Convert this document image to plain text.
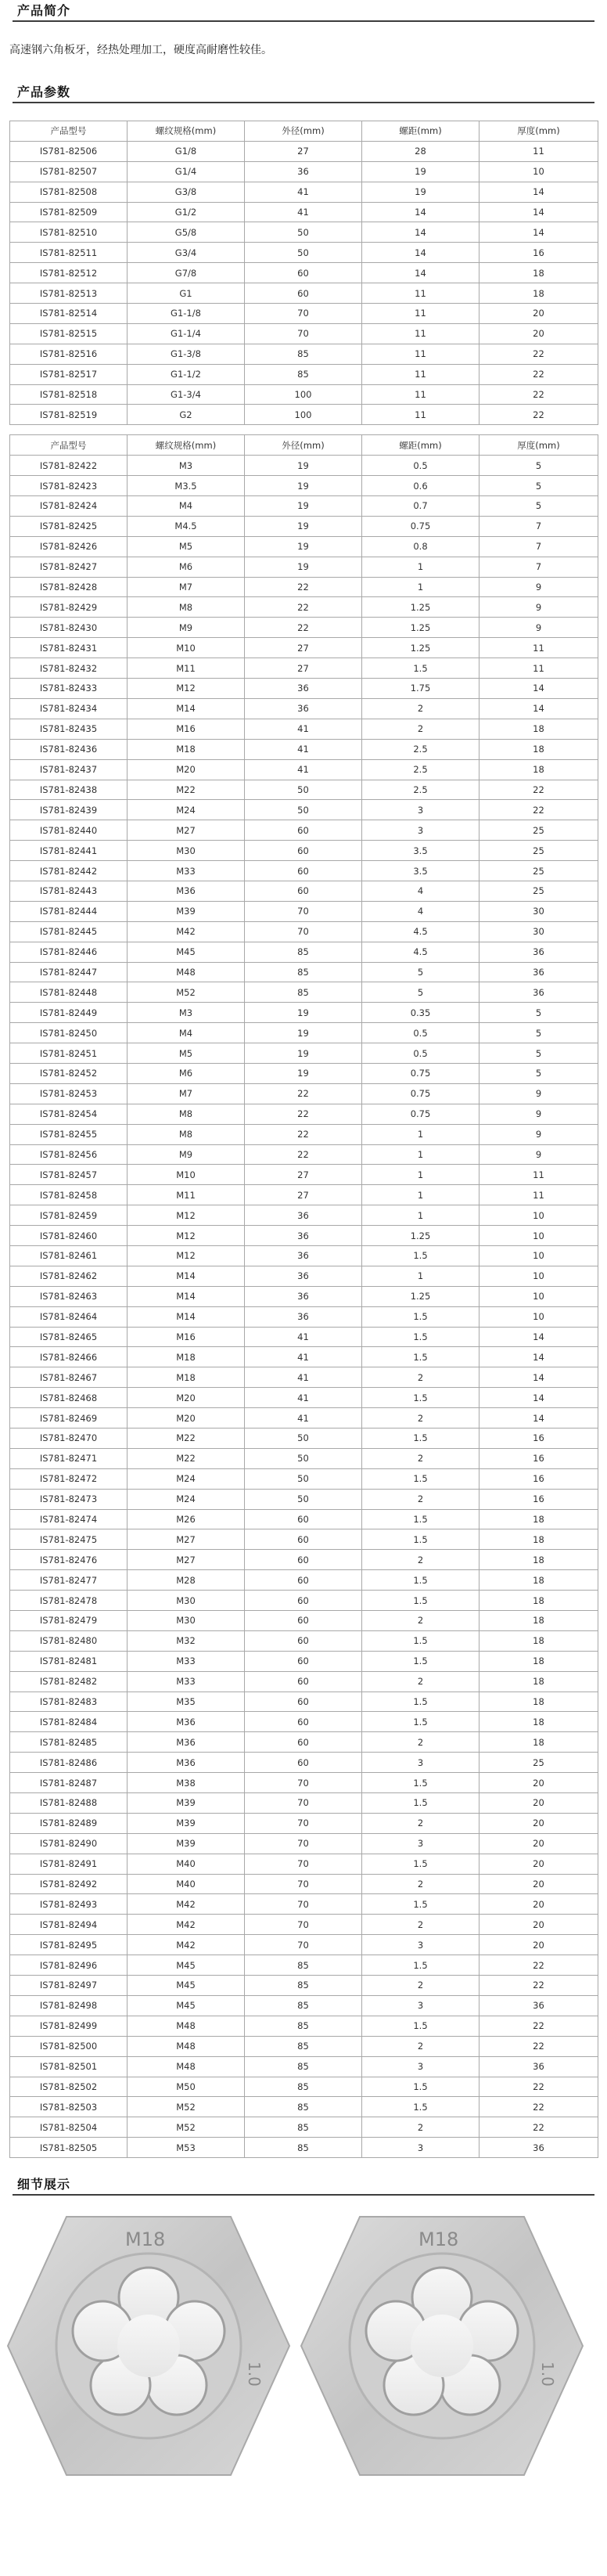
产品简介
高速钢六角板牙，经热处理加工，硬度高耐磨性较佳。
产品参数
产品型号	螺纹规格(mm)	外径(mm)	螺距(mm)	厚度(mm)
IS781-82506	G1/8	27	28	11
IS781-82507	G1/4	36	19	10
IS781-82508	G3/8	41	19	14
IS781-82509	G1/2	41	14	14
IS781-82510	G5/8	50	14	14
IS781-82511	G3/4	50	14	16
IS781-82512	G7/8	60	14	18
IS781-82513	G1	60	11	18
IS781-82514	G1-1/8	70	11	20
IS781-82515	G1-1/4	70	11	20
IS781-82516	G1-3/8	85	11	22
IS781-82517	G1-1/2	85	11	22
IS781-82518	G1-3/4	100	11	22
IS781-82519	G2	100	11	22
产品型号	螺纹规格(mm)	外径(mm)	螺距(mm)	厚度(mm)
IS781-82422	M3	19	0.5	5
IS781-82423	M3.5	19	0.6	5
IS781-82424	M4	19	0.7	5
IS781-82425	M4.5	19	0.75	7
IS781-82426	M5	19	0.8	7
IS781-82427	M6	19	1	7
IS781-82428	M7	22	1	9
IS781-82429	M8	22	1.25	9
IS781-82430	M9	22	1.25	9
IS781-82431	M10	27	1.25	11
IS781-82432	M11	27	1.5	11
IS781-82433	M12	36	1.75	14
IS781-82434	M14	36	2	14
IS781-82435	M16	41	2	18
IS781-82436	M18	41	2.5	18
IS781-82437	M20	41	2.5	18
IS781-82438	M22	50	2.5	22
IS781-82439	M24	50	3	22
IS781-82440	M27	60	3	25
IS781-82441	M30	60	3.5	25
IS781-82442	M33	60	3.5	25
IS781-82443	M36	60	4	25
IS781-82444	M39	70	4	30
IS781-82445	M42	70	4.5	30
IS781-82446	M45	85	4.5	36
IS781-82447	M48	85	5	36
IS781-82448	M52	85	5	36
IS781-82449	M3	19	0.35	5
IS781-82450	M4	19	0.5	5
IS781-82451	M5	19	0.5	5
IS781-82452	M6	19	0.75	5
IS781-82453	M7	22	0.75	9
IS781-82454	M8	22	0.75	9
IS781-82455	M8	22	1	9
IS781-82456	M9	22	1	9
IS781-82457	M10	27	1	11
IS781-82458	M11	27	1	11
IS781-82459	M12	36	1	10
IS781-82460	M12	36	1.25	10
IS781-82461	M12	36	1.5	10
IS781-82462	M14	36	1	10
IS781-82463	M14	36	1.25	10
IS781-82464	M14	36	1.5	10
IS781-82465	M16	41	1.5	14
IS781-82466	M18	41	1.5	14
IS781-82467	M18	41	2	14
IS781-82468	M20	41	1.5	14
IS781-82469	M20	41	2	14
IS781-82470	M22	50	1.5	16
IS781-82471	M22	50	2	16
IS781-82472	M24	50	1.5	16
IS781-82473	M24	50	2	16
IS781-82474	M26	60	1.5	18
IS781-82475	M27	60	1.5	18
IS781-82476	M27	60	2	18
IS781-82477	M28	60	1.5	18
IS781-82478	M30	60	1.5	18
IS781-82479	M30	60	2	18
IS781-82480	M32	60	1.5	18
IS781-82481	M33	60	1.5	18
IS781-82482	M33	60	2	18
IS781-82483	M35	60	1.5	18
IS781-82484	M36	60	1.5	18
IS781-82485	M36	60	2	18
IS781-82486	M36	60	3	25
IS781-82487	M38	70	1.5	20
IS781-82488	M39	70	1.5	20
IS781-82489	M39	70	2	20
IS781-82490	M39	70	3	20
IS781-82491	M40	70	1.5	20
IS781-82492	M40	70	2	20
IS781-82493	M42	70	1.5	20
IS781-82494	M42	70	2	20
IS781-82495	M42	70	3	20
IS781-82496	M45	85	1.5	22
IS781-82497	M45	85	2	22
IS781-82498	M45	85	3	36
IS781-82499	M48	85	1.5	22
IS781-82500	M48	85	2	22
IS781-82501	M48	85	3	36
IS781-82502	M50	85	1.5	22
IS781-82503	M52	85	1.5	22
IS781-82504	M52	85	2	22
IS781-82505	M53	85	3	36
细节展示
M18
1.0
M18
1.0
